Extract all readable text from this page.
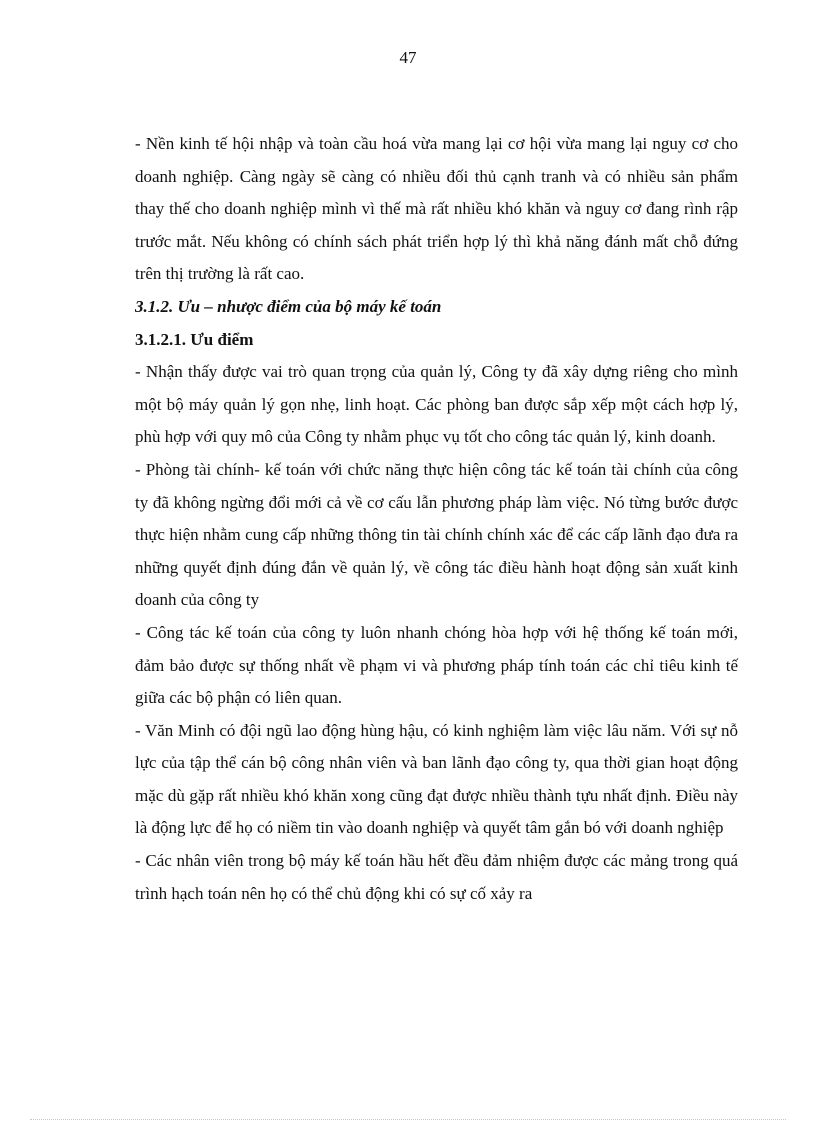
47

- Nền kinh tế hội nhập và toàn cầu hoá vừa mang lại cơ hội vừa mang lại nguy cơ cho doanh nghiệp. Càng ngày sẽ càng có nhiều đối thủ cạnh tranh và có nhiều sản phẩm thay thế cho doanh nghiệp mình vì thế mà rất nhiều khó khăn và nguy cơ đang rình rập trước mắt. Nếu không có chính sách phát triển hợp lý thì khả năng đánh mất chỗ đứng trên thị trường là rất cao.

3.1.2. Ưu – nhược điểm của bộ máy kế toán

3.1.2.1. Ưu điểm

- Nhận thấy được vai trò quan trọng của quản lý, Công ty đã xây dựng riêng cho mình một bộ máy quản lý gọn nhẹ, linh hoạt. Các phòng ban được sắp xếp một cách hợp lý, phù hợp với quy mô của Công ty nhằm phục vụ tốt cho công tác quản lý, kinh doanh.

- Phòng tài chính- kế toán với chức năng thực hiện công tác kế toán tài chính của công ty đã không ngừng đổi mới cả về cơ cấu lẫn phương pháp làm việc. Nó từng bước được thực hiện nhằm cung cấp những thông tin tài chính chính xác để các cấp lãnh đạo đưa ra những quyết định đúng đắn về quản lý, về công tác điều hành hoạt động sản xuất kinh doanh của công ty

- Công tác kế toán của công ty luôn nhanh chóng hòa hợp với hệ thống kế toán mới, đảm bảo được sự thống nhất về phạm vi và phương pháp tính toán các chỉ tiêu kinh tế giữa các bộ phận có liên quan.

- Văn Minh có đội ngũ lao động hùng hậu, có kinh nghiệm làm việc lâu năm. Với sự nỗ lực của tập thể cán bộ công nhân viên và ban lãnh đạo công ty, qua thời gian hoạt động mặc dù gặp rất nhiều khó khăn xong cũng đạt được nhiều thành tựu nhất định. Điều này là động lực để họ có niềm tin vào doanh nghiệp và quyết tâm gắn bó với doanh nghiệp

- Các nhân viên trong bộ máy kế toán hầu hết đều đảm nhiệm được các mảng trong quá trình hạch toán nên họ có thể chủ động khi có sự cố xảy ra
